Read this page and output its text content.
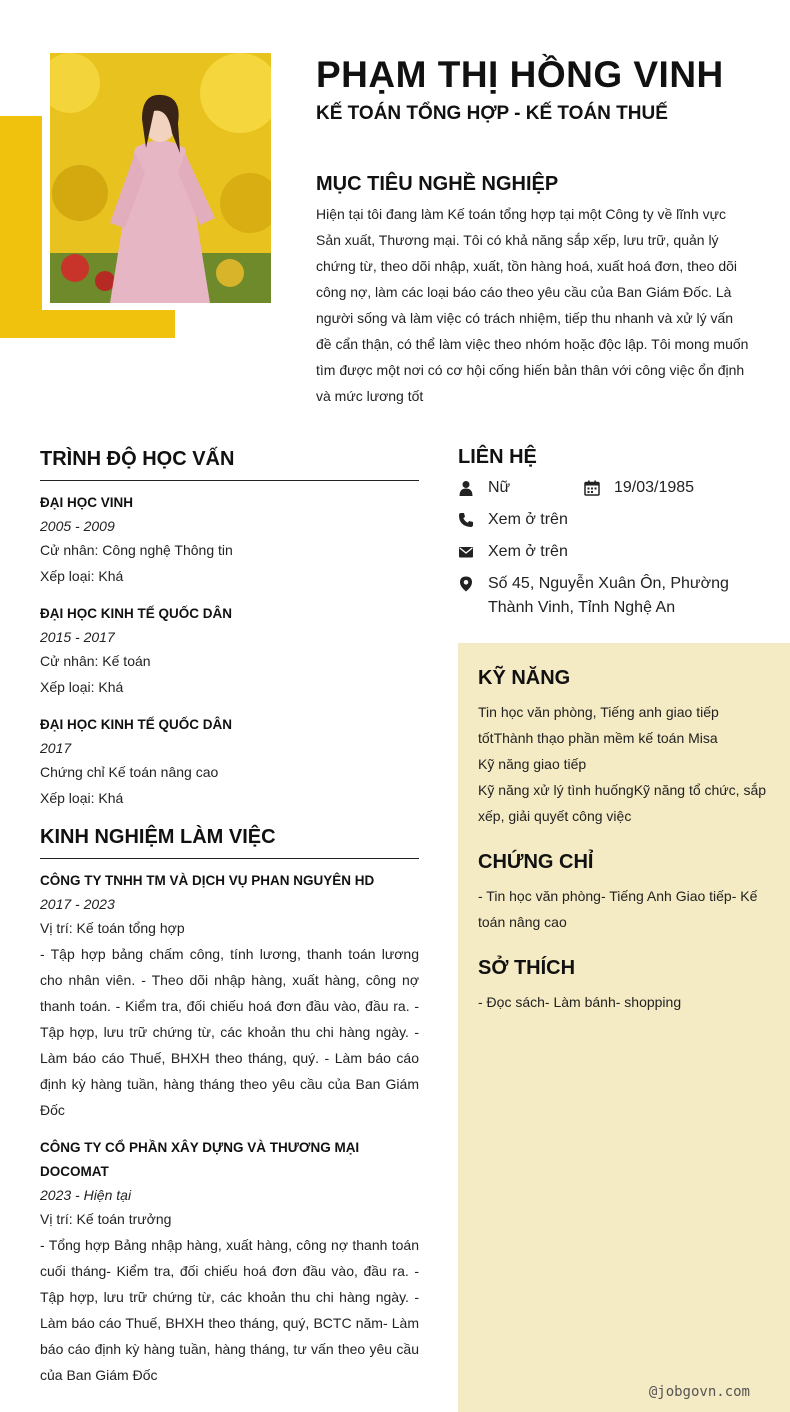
PHẠM THỊ HỒNG VINH
KẾ TOÁN TỔNG HỢP - KẾ TOÁN THUẾ
MỤC TIÊU NGHỀ NGHIỆP

Hiện tại tôi đang làm Kế toán tổng hợp tại một Công ty về lĩnh vực Sản xuất, Thương mại. Tôi có khả năng sắp xếp, lưu trữ, quản lý chứng từ, theo dõi nhập, xuất, tồn hàng hoá, xuất hoá đơn, theo dõi công nợ, làm các loại báo cáo theo yêu cầu của Ban Giám Đốc. Là người sống và làm việc có trách nhiệm, tiếp thu nhanh và xử lý vấn đề cẩn thận, có thể làm việc theo nhóm hoặc độc lập. Tôi mong muốn tìm được một nơi có cơ hội cống hiến bản thân với công việc ổn định và mức lương tốt

TRÌNH ĐỘ HỌC VẤN
ĐẠI HỌC VINH
2005 - 2009
Cử nhân: Công nghệ Thông tin
Xếp loại: Khá
ĐẠI HỌC KINH TẾ QUỐC DÂN
2015 - 2017
Cử nhân: Kế toán
Xếp loại: Khá
ĐẠI HỌC KINH TẾ QUỐC DÂN
2017
Chứng chỉ Kế toán nâng cao
Xếp loại: Khá
KINH NGHIỆM LÀM VIỆC
CÔNG TY TNHH TM VÀ DỊCH VỤ PHAN NGUYÊN HD
2017 - 2023
Vị trí: Kế toán tổng hợp
- Tập hợp bảng chấm công, tính lương, thanh toán lương cho nhân viên. - Theo dõi nhập hàng, xuất hàng, công nợ thanh toán. - Kiểm tra, đối chiếu hoá đơn đầu vào, đầu ra. - Tập hợp, lưu trữ chứng từ, các khoản thu chi hàng ngày. - Làm báo cáo Thuế, BHXH theo tháng, quý. - Làm báo cáo định kỳ hàng tuần, hàng tháng theo yêu cầu của Ban Giám Đốc
CÔNG TY CỔ PHẦN XÂY DỰNG VÀ THƯƠNG MẠI DOCOMAT
2023 - Hiện tại
Vị trí: Kế toán trưởng
- Tổng hợp Bảng nhập hàng, xuất hàng, công nợ thanh toán cuối tháng- Kiểm tra, đối chiếu hoá đơn đầu vào, đầu ra. - Tập hợp, lưu trữ chứng từ, các khoản thu chi hàng ngày. - Làm báo cáo Thuế, BHXH theo tháng, quý, BCTC năm- Làm báo cáo định kỳ hàng tuần, hàng tháng, tư vấn theo yêu cầu của Ban Giám Đốc
LIÊN HỆ
Nữ	19/03/1985
Xem ở trên
Xem ở trên
Số 45, Nguyễn Xuân Ôn, Phường Thành Vinh, Tỉnh Nghệ An
KỸ NĂNG
Tin học văn phòng, Tiếng anh giao tiếp tốtThành thạo phần mềm kế toán Misa
Kỹ năng giao tiếp
Kỹ năng xử lý tình huốngKỹ năng tổ chức, sắp xếp, giải quyết công việc
CHỨNG CHỈ
- Tin học văn phòng- Tiếng Anh Giao tiếp- Kế toán nâng cao
SỞ THÍCH
- Đọc sách- Làm bánh- shopping
@jobgovn.com
